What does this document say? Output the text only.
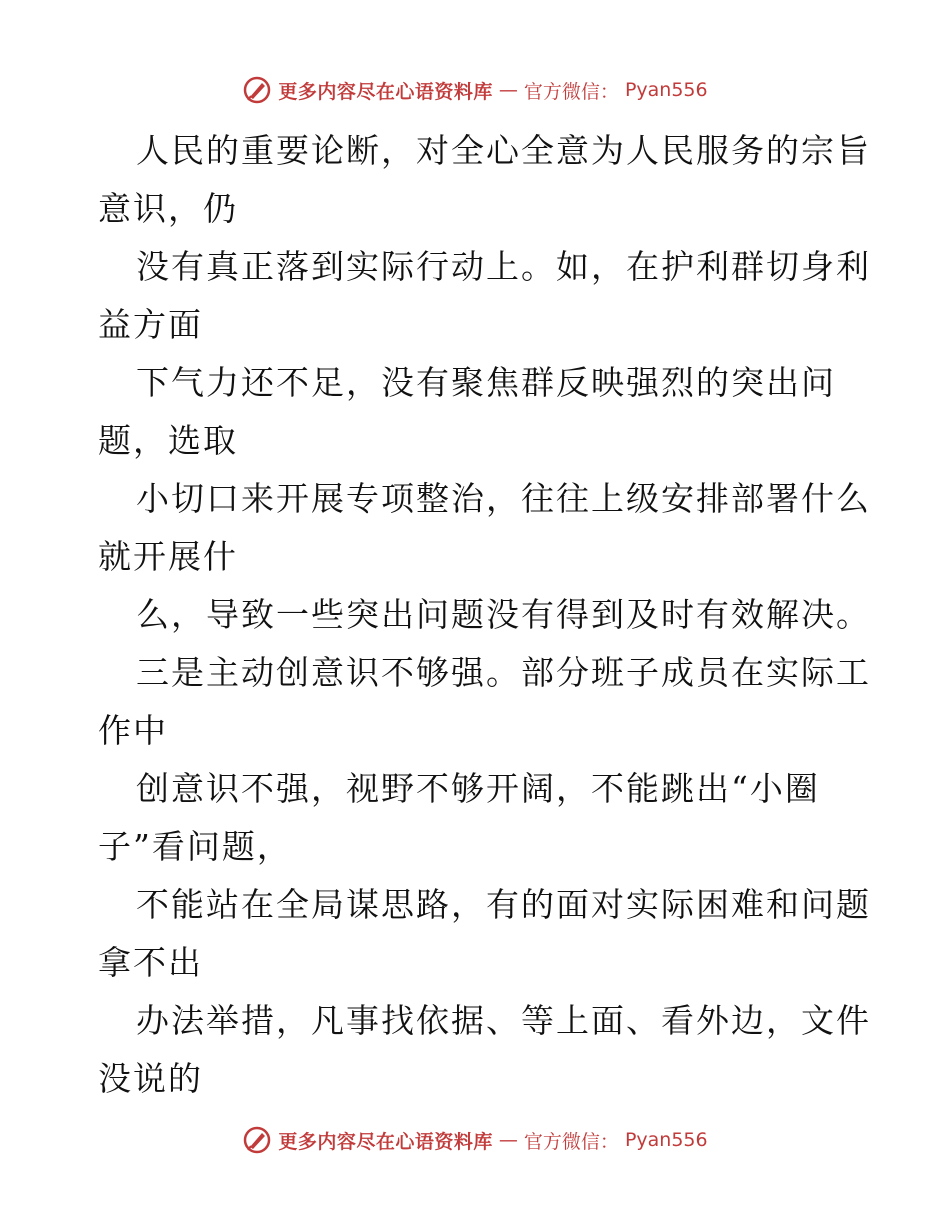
更多内容尽在心语资料库 — 官方微信： Pyan556
人民的重要论断，对全心全意为人民服务的宗旨
意识，仍
没有真正落到实际行动上。如，在护利群切身利
益方面
下气力还不足，没有聚焦群反映强烈的突出问
题，选取
小切口来开展专项整治，往往上级安排部署什么
就开展什
么，导致一些突出问题没有得到及时有效解决。
三是主动创意识不够强。部分班子成员在实际工
作中
创意识不强，视野不够开阔，不能跳出“小圈
子”看问题，
不能站在全局谋思路，有的面对实际困难和问题
拿不出
办法举措，凡事找依据、等上面、看外边，文件
没说的
更多内容尽在心语资料库 — 官方微信： Pyan556
